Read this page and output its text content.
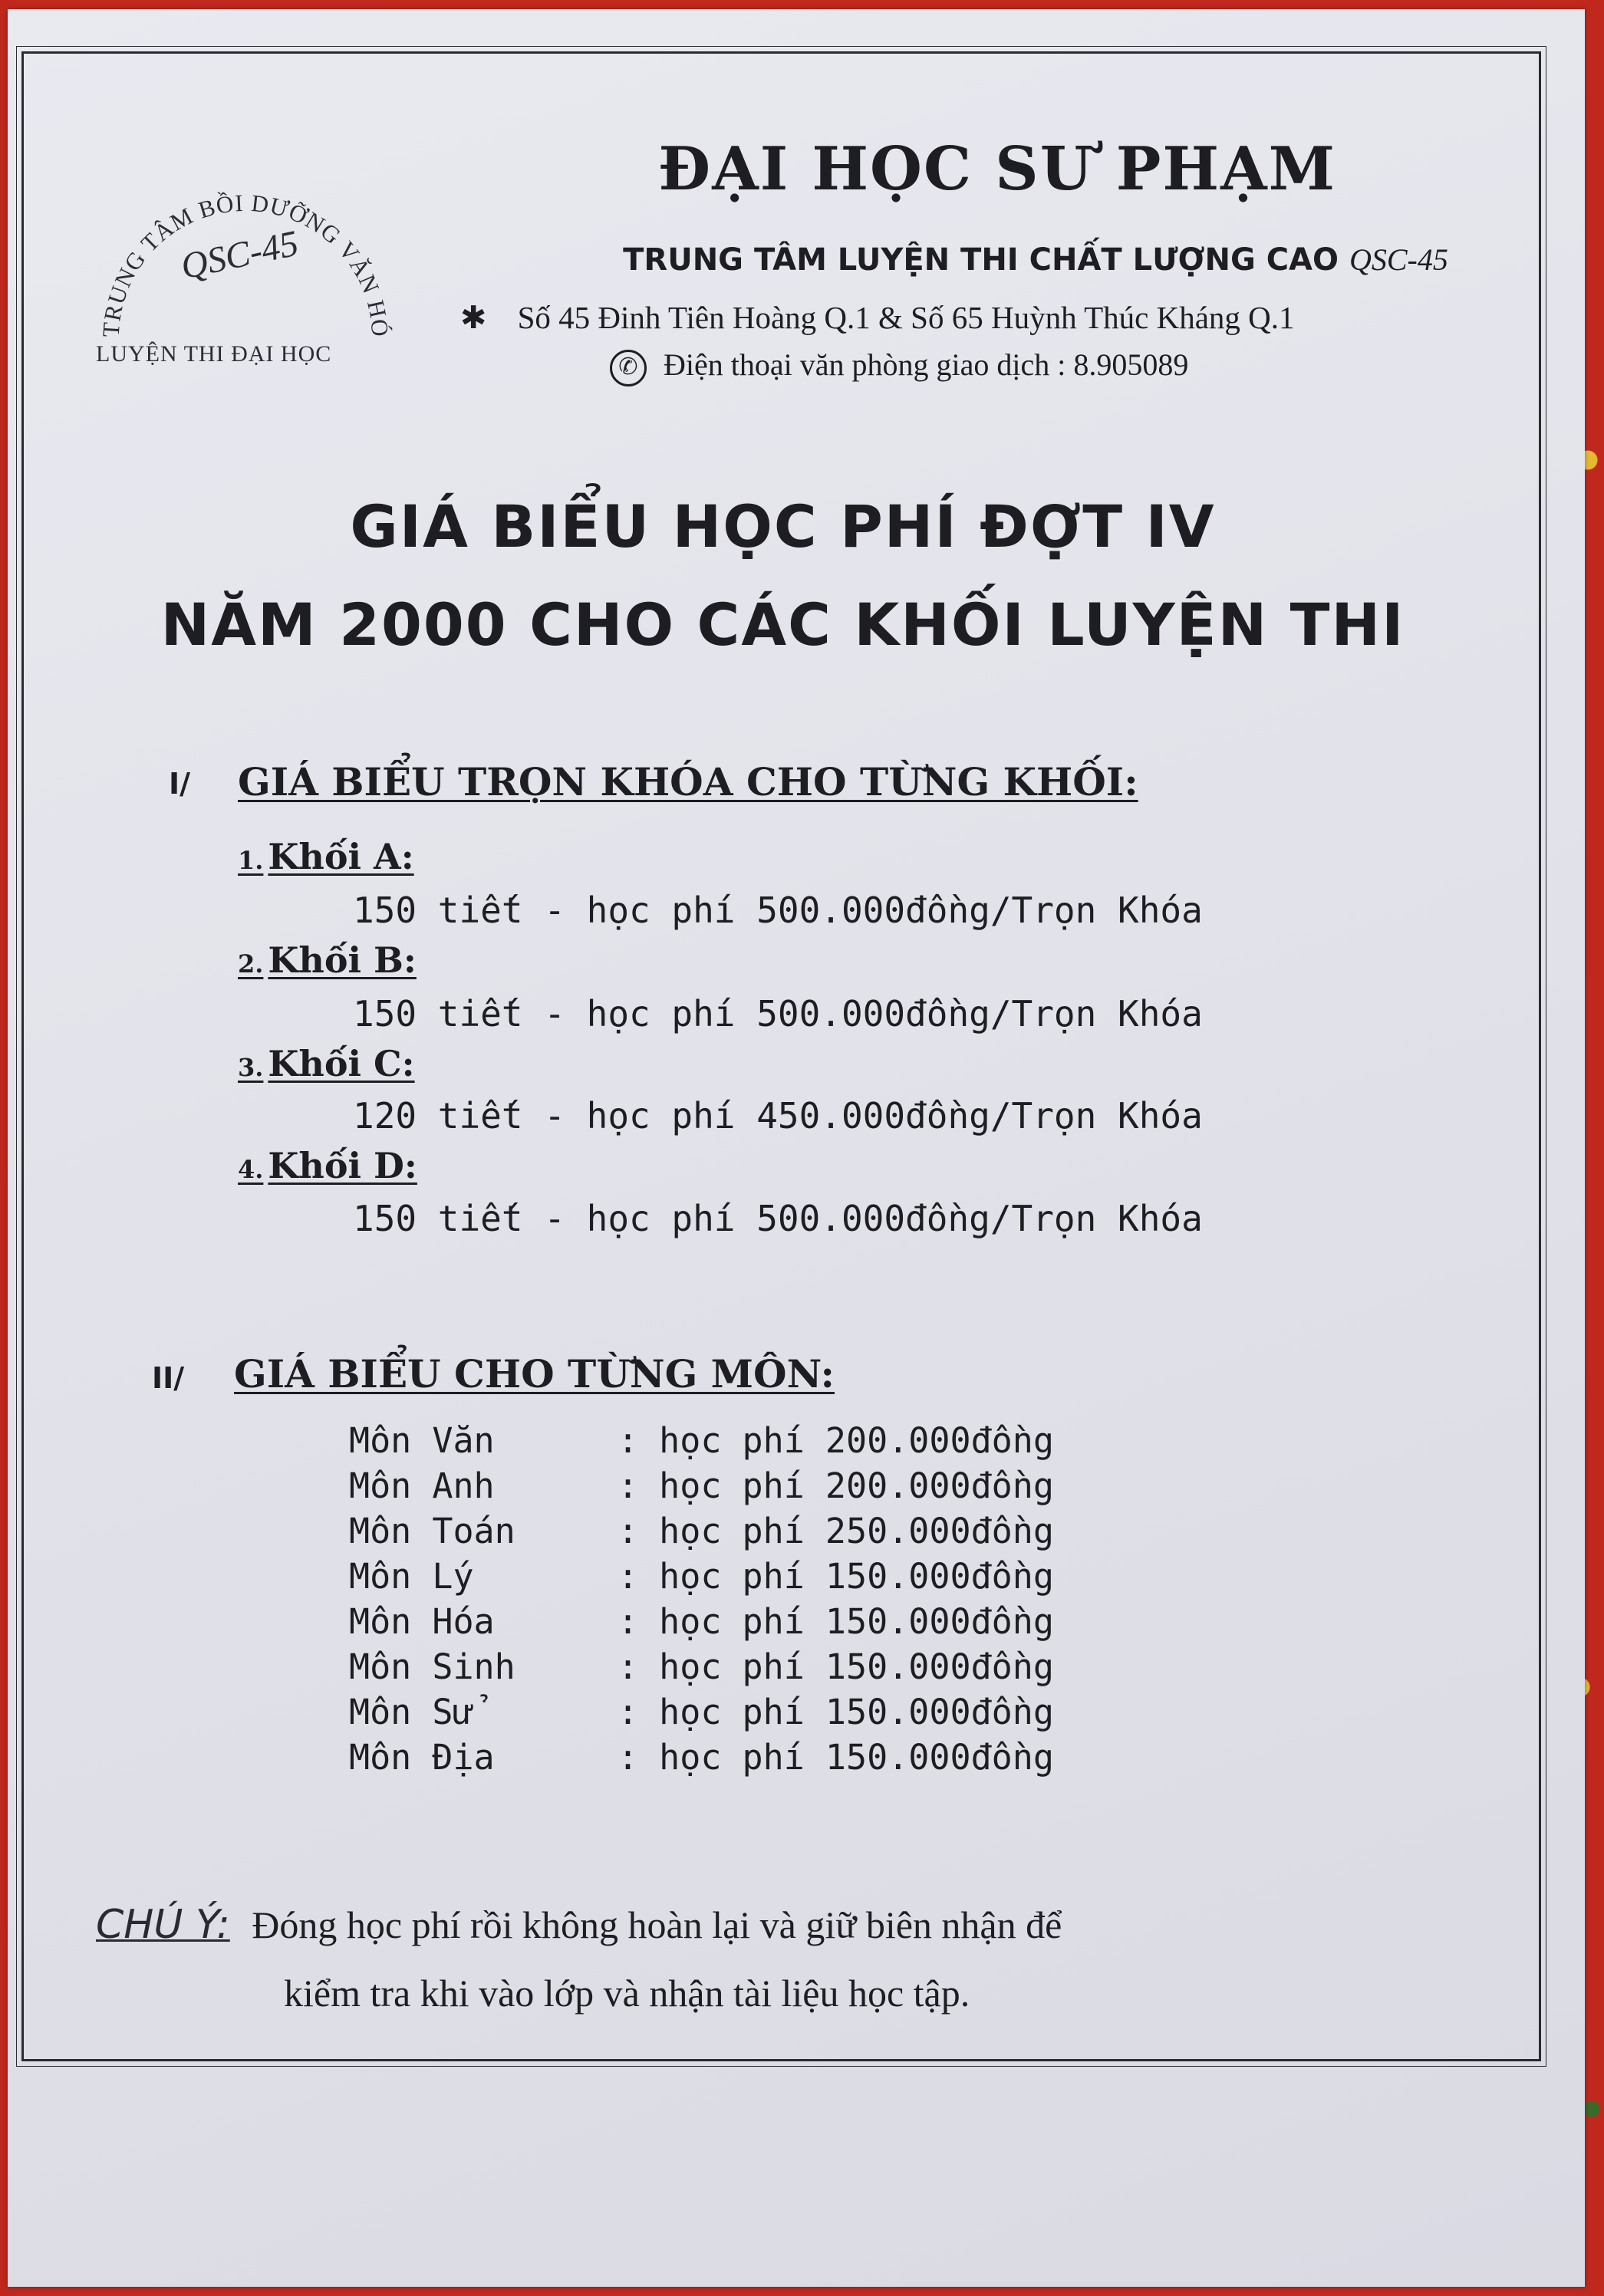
TRUNG TÂM BỒI DƯỠNG VĂN HÓ
QSC-45
LUYỆN THI ĐẠI HỌC
ĐẠI HỌC SƯ PHẠM
TRUNG TÂM LUYỆN THI CHẤT LƯỢNG CAO QSC-45
✱ Số 45 Đinh Tiên Hoàng Q.1 & Số 65 Huỳnh Thúc Kháng Q.1
✆ Điện thoại văn phòng giao dịch : 8.905089
GIÁ BIỂU HỌC PHÍ ĐỢT IV
NĂM 2000 CHO CÁC KHỐI LUYỆN THI
I/ GIÁ BIỂU TRỌN KHÓA CHO TỪNG KHỐI:
1. Khối A:
150 tiết - học phí 500.000đồng/Trọn Khóa
2. Khối B:
150 tiết - học phí 500.000đồng/Trọn Khóa
3. Khối C:
120 tiết - học phí 450.000đồng/Trọn Khóa
4. Khối D:
150 tiết - học phí 500.000đồng/Trọn Khóa
II/ GIÁ BIỂU CHO TỪNG MÔN:
Môn Văn	: học phí 200.000đồng
Môn Anh	: học phí 200.000đồng
Môn Toán	: học phí 250.000đồng
Môn Lý	: học phí 150.000đồng
Môn Hóa	: học phí 150.000đồng
Môn Sinh	: học phí 150.000đồng
Môn Sử	: học phí 150.000đồng
Môn Địa	: học phí 150.000đồng
CHÚ Ý: Đóng học phí rồi không hoàn lại và giữ biên nhận để
kiểm tra khi vào lớp và nhận tài liệu học tập.
